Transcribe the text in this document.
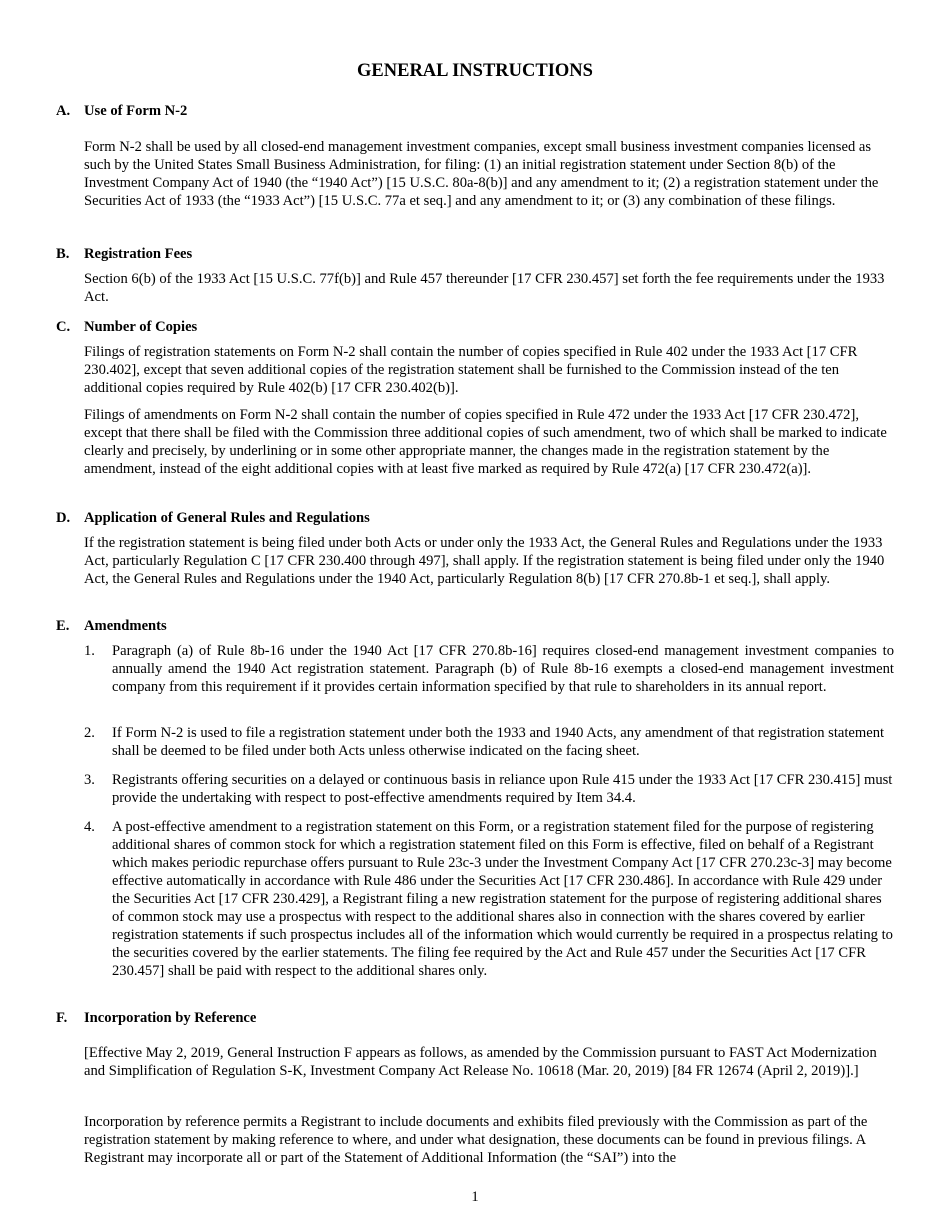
GENERAL INSTRUCTIONS
A. Use of Form N-2
Form N-2 shall be used by all closed-end management investment companies, except small business investment companies licensed as such by the United States Small Business Administration, for filing: (1) an initial registration statement under Section 8(b) of the Investment Company Act of 1940 (the “1940 Act”) [15 U.S.C. 80a-8(b)] and any amendment to it; (2) a registration statement under the Securities Act of 1933 (the “1933 Act”) [15 U.S.C. 77a et seq.] and any amendment to it; or (3) any combination of these filings.
B. Registration Fees
Section 6(b) of the 1933 Act [15 U.S.C. 77f(b)] and Rule 457 thereunder [17 CFR 230.457] set forth the fee requirements under the 1933 Act.
C. Number of Copies
Filings of registration statements on Form N-2 shall contain the number of copies specified in Rule 402 under the 1933 Act [17 CFR 230.402], except that seven additional copies of the registration statement shall be furnished to the Commission instead of the ten additional copies required by Rule 402(b) [17 CFR 230.402(b)].
Filings of amendments on Form N-2 shall contain the number of copies specified in Rule 472 under the 1933 Act [17 CFR 230.472], except that there shall be filed with the Commission three additional copies of such amendment, two of which shall be marked to indicate clearly and precisely, by underlining or in some other appropriate manner, the changes made in the registration statement by the amendment, instead of the eight additional copies with at least five marked as required by Rule 472(a) [17 CFR 230.472(a)].
D. Application of General Rules and Regulations
If the registration statement is being filed under both Acts or under only the 1933 Act, the General Rules and Regulations under the 1933 Act, particularly Regulation C [17 CFR 230.400 through 497], shall apply. If the registration statement is being filed under only the 1940 Act, the General Rules and Regulations under the 1940 Act, particularly Regulation 8(b) [17 CFR 270.8b-1 et seq.], shall apply.
E. Amendments
1. Paragraph (a) of Rule 8b-16 under the 1940 Act [17 CFR 270.8b-16] requires closed-end management investment companies to annually amend the 1940 Act registration statement. Paragraph (b) of Rule 8b-16 exempts a closed-end management investment company from this requirement if it provides certain information specified by that rule to shareholders in its annual report.
2. If Form N-2 is used to file a registration statement under both the 1933 and 1940 Acts, any amendment of that registration statement shall be deemed to be filed under both Acts unless otherwise indicated on the facing sheet.
3. Registrants offering securities on a delayed or continuous basis in reliance upon Rule 415 under the 1933 Act [17 CFR 230.415] must provide the undertaking with respect to post-effective amendments required by Item 34.4.
4. A post-effective amendment to a registration statement on this Form, or a registration statement filed for the purpose of registering additional shares of common stock for which a registration statement filed on this Form is effective, filed on behalf of a Registrant which makes periodic repurchase offers pursuant to Rule 23c-3 under the Investment Company Act [17 CFR 270.23c-3] may become effective automatically in accordance with Rule 486 under the Securities Act [17 CFR 230.486]. In accordance with Rule 429 under the Securities Act [17 CFR 230.429], a Registrant filing a new registration statement for the purpose of registering additional shares of common stock may use a prospectus with respect to the additional shares also in connection with the shares covered by earlier registration statements if such prospectus includes all of the information which would currently be required in a prospectus relating to the securities covered by the earlier statements. The filing fee required by the Act and Rule 457 under the Securities Act [17 CFR 230.457] shall be paid with respect to the additional shares only.
F. Incorporation by Reference
[Effective May 2, 2019, General Instruction F appears as follows, as amended by the Commission pursuant to FAST Act Modernization and Simplification of Regulation S-K, Investment Company Act Release No. 10618 (Mar. 20, 2019) [84 FR 12674 (April 2, 2019)].]
Incorporation by reference permits a Registrant to include documents and exhibits filed previously with the Commission as part of the registration statement by making reference to where, and under what designation, these documents can be found in previous filings. A Registrant may incorporate all or part of the Statement of Additional Information (the “SAI”) into the
1
